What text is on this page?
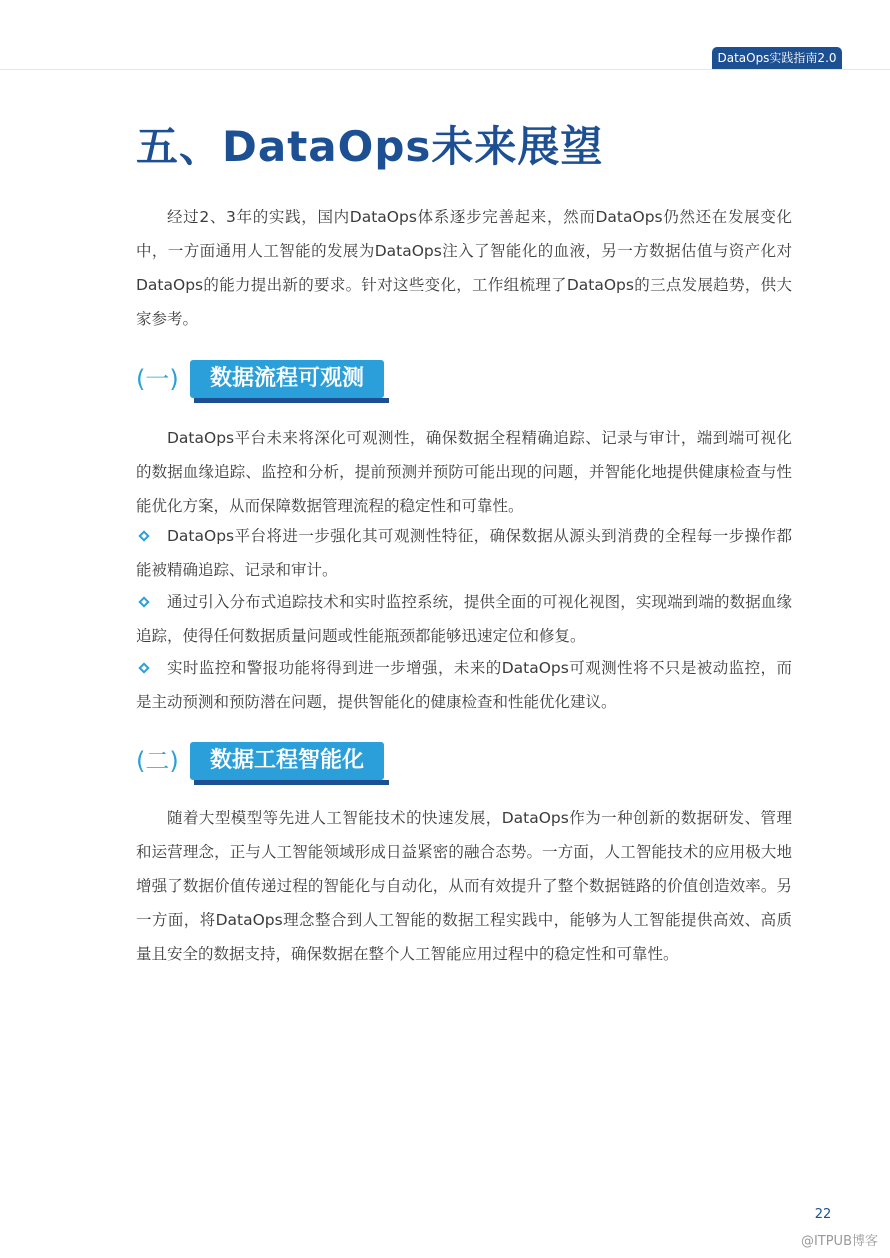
DataOps实践指南2.0
五、DataOps未来展望

经过2、3年的实践，国内DataOps体系逐步完善起来，然而DataOps仍然还在发展变化中，一方面通用人工智能的发展为DataOps注入了智能化的血液，另一方数据估值与资产化对DataOps的能力提出新的要求。针对这些变化，工作组梳理了DataOps的三点发展趋势，供大家参考。

(一)	数据流程可观测

DataOps平台未来将深化可观测性，确保数据全程精确追踪、记录与审计，端到端可视化的数据血缘追踪、监控和分析，提前预测并预防可能出现的问题，并智能化地提供健康检查与性能优化方案，从而保障数据管理流程的稳定性和可靠性。

DataOps平台将进一步强化其可观测性特征，确保数据从源头到消费的全程每一步操作都能被精确追踪、记录和审计。

通过引入分布式追踪技术和实时监控系统，提供全面的可视化视图，实现端到端的数据血缘追踪，使得任何数据质量问题或性能瓶颈都能够迅速定位和修复。

实时监控和警报功能将得到进一步增强，未来的DataOps可观测性将不只是被动监控，而是主动预测和预防潜在问题，提供智能化的健康检查和性能优化建议。

(二)	数据工程智能化

随着大型模型等先进人工智能技术的快速发展，DataOps作为一种创新的数据研发、管理和运营理念，正与人工智能领域形成日益紧密的融合态势。一方面，人工智能技术的应用极大地增强了数据价值传递过程的智能化与自动化，从而有效提升了整个数据链路的价值创造效率。另一方面，将DataOps理念整合到人工智能的数据工程实践中，能够为人工智能提供高效、高质量且安全的数据支持，确保数据在整个人工智能应用过程中的稳定性和可靠性。

22
@ITPUB博客
